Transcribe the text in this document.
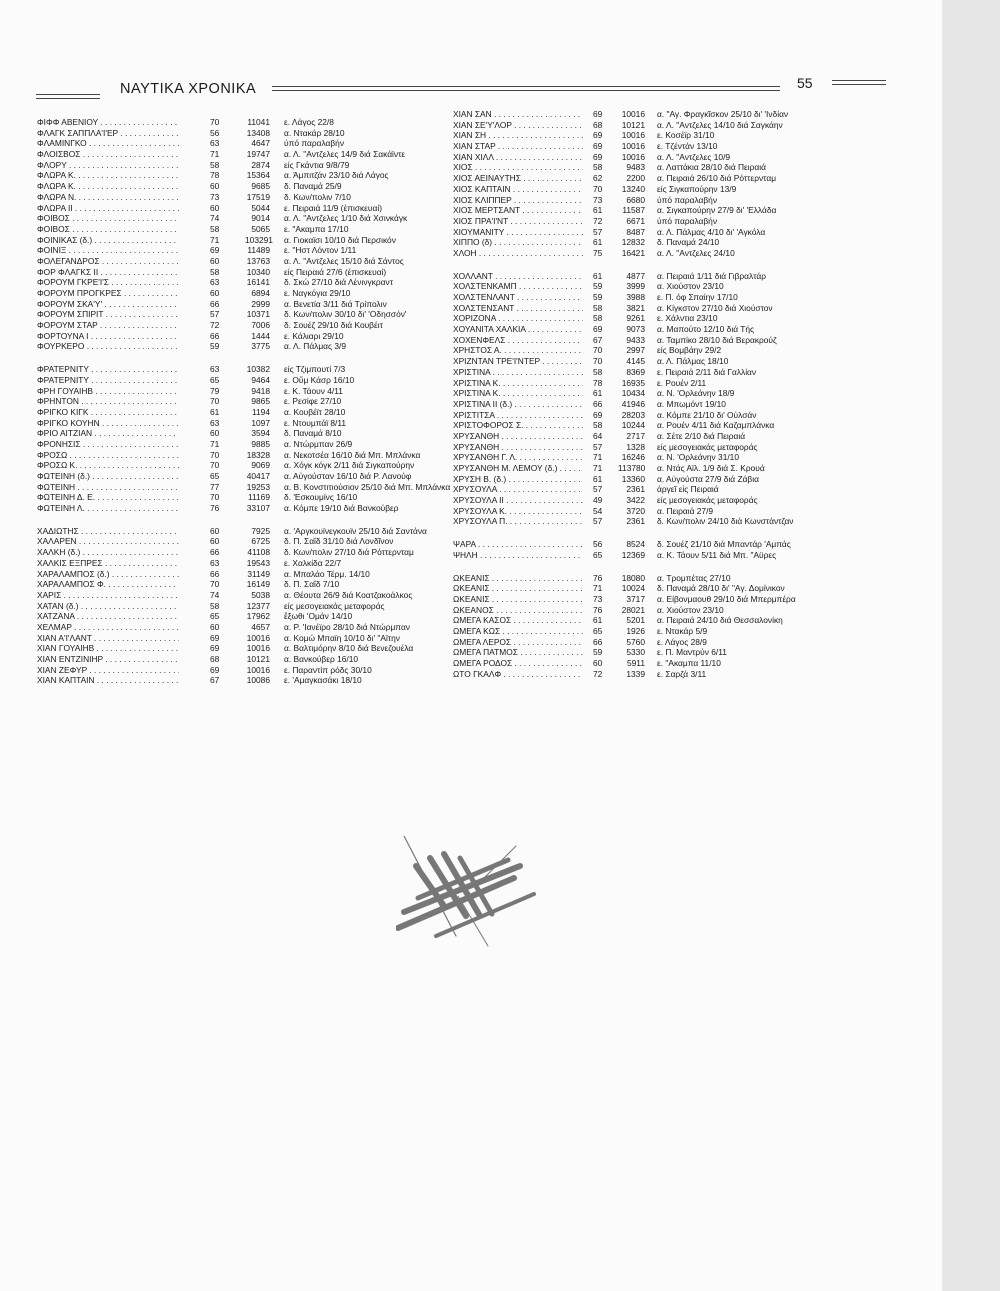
ΝΑΥΤΙΚΑ ΧΡΟΝΙΚΑ	55
ΦΙΦΦ ΑΒΕΝΙΟΥ . . .	70	11041 ε. Λάγος 22/8
ΦΛΑΓΚ ΣΑΠΠΛΑ'Ι'ΕΡ . . .	56	13408 α. Ντακάρ 28/10
ΦΛΑΜΙΝΓΚΟ . . .	63	4647 ύπό παραλαβήν
ΦΛΟΙΣΒΟΣ . . .	71	19747 α. Λ. "Αντζελες 14/9 διά Σακάϊντε
ΦΛΟΡΥ . . .	58	2874 είς Γκάντια 9/8/79
ΦΛΩΡΑ Κ. . . .	78	15364 α. Άμπιτζάν 23/10 διά Λάγος
ΦΛΩΡΑ Κ. . . .	60	9685 δ. Παναμά 25/9
ΦΛΩΡΑ Ν. . . .	73	17519 δ. Κων/πολιν 7/10
ΦΛΩΡΑ ΙΙ . . .	60	5044 ε. Πειραιά 11/9 (έπισκευαί)
ΦΟΙΒΟΣ . . .	74	9014 α. Λ. "Αντζελες 1/10 διά Χσινκάγκ
ΦΟΙΒΟΣ . . .	58	5065 ε. "Ακαμπα 17/10
ΦΟΙΝΙΚΑΣ (δ.) . . .	71	103291 α. Γιοκαϊσι 10/10 διά Περσικόν
ΦΟΙΝΙΞ . . .	69	11489 ε. "Ηστ Λόντον 1/11
ΦΟΛΕΓΑΝΔΡΟΣ . . .	60	13763 α. Λ. "Αντζελες 15/10 διά Σάντος
ΦΟΡ ΦΛΑΓΚΣ ΙΙ . . .	58	10340 είς Πειραιά 27/6 (έπισκευαί)
ΦΟΡΟΥΜ ΓΚΡΕ'Ι'Σ . . .	63	16141 δ. Σκώ 27/10 διά Λένινγκραντ
ΦΟΡΟΥΜ ΠΡΟΓΚΡΕΣ . . .	60	6894 ε. Ναγκόγια 29/10
ΦΟΡΟΥΜ ΣΚΑ'Υ' . . .	66	2999 α. Βενετία 3/11 διά Τρίπολιν
ΦΟΡΟΥΜ ΣΠΙΡΙΤ . . .	57	10371 δ. Κων/πολιν 30/10 δι' 'Οδησσόν'
ΦΟΡΟΥΜ ΣΤΑΡ . . .	72	7006 δ. Σουέζ 29/10 διά Κουβέιτ
ΦΟΡΤΟΥΝΑ Ι . . .	66	1444 ε. Κάλιαρι 29/10
ΦΟΥΡΚΕΡΟ . . .	59	3775 α. Λ. Πάλμας 3/9
ΦΡΑΤΕΡΝΙΤΥ . . .	63	10382 είς Τζιμπουτί 7/3
ΦΡΑΤΕΡΝΙΤΥ . . .	65	9464 ε. Οὔμ Κάσρ 16/10
ΦΡΗ ΓΟΥΑΙΗΒ . . .	79	9418 ε. Κ. Τάουν 4/11
ΦΡΗΝΤΟΝ . . .	70	9865 ε. Ρεσίφε 27/10
ΦΡΙΓΚΟ ΚΙΓΚ . . .	61	1194 α. Κουβέϊτ 28/10
ΦΡΙΓΚΟ ΚΟΥΗΝ . . .	63	1097 ε. Ντουμπάϊ 8/11
ΦΡΙΟ ΑΙΤΖΙΑΝ . . .	60	3594 δ. Παναμά 8/10
ΦΡΟΝΗΣΙΣ . . .	71	9885 α. Ντώρμπαν 26/9
ΦΡΟΣΩ . . .	70	18328 α. Νεκοτσέα 16/10 διά Μπ. Μπλάνκα
ΦΡΟΣΩ Κ. . . .	70	9069 α. Χόγκ κόγκ 2/11 διά Σιγκαπούρην
ΦΩΤΕΙΝΗ (δ.) . . .	65	40417 α. Αὐγούσταν 16/10 διά Ρ. Λανούφ
ΦΩΤΕΙΝΗ . . .	77	19253 α. Β. Κονστιτιούσιον 25/10 διά Μπ. Μπλάνκα
ΦΩΤΕΙΝΗ Δ. Ε. . . .	70	11169 δ. 'Εσκουμίνς 16/10
ΦΩΤΕΙΝΗ Λ. . . .	76	33107 α. Κόμπε 19/10 διά Βανκούβερ
ΧΑΔΙΩΤΗΣ . . .	60	7925 α. 'Αργκουϊνεγκουϊν 25/10 διά Σαντάνα
ΧΑΛΑΡΕΝ . . .	60	6725 δ. Π. Σαΐδ 31/10 διά Λονδῖνον
ΧΑΛΚΗ (δ.) . . .	66	41108 δ. Κων/πολιν 27/10 διά Ρόττερνταμ
ΧΑΛΚΙΣ ΕΞΠΡΕΣ . . .	63	19543 ε. Χαλκίδα 22/7
ΧΑΡΑΛΑΜΠΟΣ (δ.) . . .	66	31149 α. Μπαλάο Τέρμ. 14/10
ΧΑΡΑΛΑΜΠΟΣ Φ. . . .	70	16149 δ. Π. Σαΐδ 7/10
ΧΑΡΙΣ . . .	74	5038 α. Θέουτα 26/9 διά Κοατζακοάλκος
ΧΑΤΑΝ (δ.) . . .	58	12377 είς μεσογειακάς μεταφοράς
ΧΑΤΖΑΝΑ . . .	65	17962 ἔξωθι 'Ομάν 14/10
ΧΕΛΜΑΡ . . .	60	4657 α. Ρ. 'Ιανέϊρο 28/10 διά Ντώρμπαν
ΧΙΑΝ Α'Ι'ΛΑΝΤ . . .	69	10016 α. Κομώ Μπαϊη 10/10 δι' "Αϊτην
ΧΙΑΝ ΓΟΥΑΙΗΒ . . .	69	10016 α. Βαλτιμόρην 8/10 διά Βενεζουέλα
ΧΙΑΝ ΕΝΤΖΙΝΙΗΡ . . .	68	10121 α. Βανκούβερ 16/10
ΧΙΑΝ ΖΕΦΥΡ . . .	69	10016 ε. Παραντίπ ρόδς 30/10
ΧΙΑΝ ΚΑΠΤΑΙΝ . . .	67	10086 ε. 'Αμαγκασάκι 18/10
ΧΙΑΝ ΣΑΝ . . .	69	10016 α. "Αγ. Φραγκῖσκον 25/10 δι' 'Ινδίαν
ΧΙΑΝ ΣΕ'Υ'ΛΟΡ . . .	68	10121 α. Λ. "Αντζελες 14/10 διά Σαγκάην
ΧΙΑΝ ΣΗ . . .	69	10016 ε. Κοσέϊρ 31/10
ΧΙΑΝ ΣΤΑΡ . . .	69	10016 ε. Τζέντάν 13/10
ΧΙΑΝ ΧΙΛΛ . . .	69	10016 α. Λ. "Αντζελες 10/9
ΧΙΟΣ . . .	58	9483 α. Λαττάκια 28/10 διά Πειραιά
ΧΙΟΣ ΑΕΙΝΑΥΤΗΣ . . .	62	2200 α. Πειραιά 26/10 διά Ρόττερνταμ
ΧΙΟΣ ΚΑΠΤΑΙΝ . . .	70	13240 είς Σιγκαπούρην 13/9
ΧΙΟΣ ΚΛΙΠΠΕΡ . . .	73	6680 ύπό παραλαβήν
ΧΙΟΣ ΜΕΡΤΣΑΝΤ . . .	61	11587 α. Σιγκαπούρην 27/9 δι' 'Ελλάδα
ΧΙΟΣ ΠΡΑ'Ι'ΝΤ . . .	72	6671 ύπό παραλαβήν
ΧΙΟΥΜΑΝΙΤΥ . . .	57	8487 α. Λ. Πάλμας 4/10 δι' 'Αγκόλα
ΧΙΠΠΟ (δ) . . .	61	12832 δ. Παναμά 24/10
ΧΛΟΗ . . .	75	16421 α. Λ. "Αντζελες 24/10
ΧΟΛΛΑΝΤ . . .	61	4877 α. Πειραιά 1/11 διά Γιβραλτάρ
ΧΟΛΣΤΕΝΚΑΜΠ . . .	59	3999 α. Χιούστον 23/10
ΧΟΛΣΤΕΝΛΑΝΤ . . .	59	3988 ε. Π. όφ Σπαίην 17/10
ΧΟΛΣΤΕΝΣΑΝΤ . . .	58	3821 α. Κίγκστον 27/10 διά Χιούστον
ΧΟΡΙΖΟΝΑ . . .	58	9261 ε. Χάλντια 23/10
ΧΟΥΑΝΙΤΑ ΧΑΛΚΙΑ . . .	69	9073 α. Μαπούτο 12/10 διά Τής
ΧΟΧΕΝΦΕΛΣ . . .	67	9433 α. Ταμπίκο 28/10 διά Βερακρούζ
ΧΡΗΣΤΟΣ Α. . . .	70	2997 είς Βομβάην 29/2
ΧΡΙΖΝΤΑΝ ΤΡΕ'Ι'ΝΤΕΡ . . .	70	4145 α. Λ. Πάλμας 18/10
ΧΡΙΣΤΙΝΑ . . .	58	8369 ε. Πειραιά 2/11 διά Γαλλίαν
ΧΡΙΣΤΙΝΑ Κ. . . .	78	16935 ε. Ρουέν 2/11
ΧΡΙΣΤΙΝΑ Κ. . . .	61	10434 α. Ν. 'Ορλεάνην 18/9
ΧΡΙΣΤΙΝΑ ΙΙ (δ.) . . .	66	41946 α. Μπωμόντ 19/10
ΧΡΙΣΤΙΤΣΑ . . .	69	28203 α. Κόμπε 21/10 δι' Οὐλσάν
ΧΡΙΣΤΟΦΟΡΟΣ Σ. . . .	58	10244 α. Ρουέν 4/11 διά Καζαμπλάνκα
ΧΡΥΣΑΝΘΗ . . .	64	2717 α. Σέτε 2/10 διά Πειραιά
ΧΡΥΣΑΝΘΗ . . .	57	1328 είς μεσογειακάς μεταφοράς
ΧΡΥΣΑΝΘΗ Γ. Λ. . . .	71	16246 α. Ν. 'Ορλεάνην 31/10
ΧΡΥΣΑΝΘΗ Μ. ΛΕΜΟΥ (δ.) . . .	71 113780 α. Ντάς Αϊλ. 1/9 διά Σ. Κρουά
ΧΡΥΣΗ Β. (δ.) . . .	61	13360 α. Αὐγούστα 27/9 διά Ζάβια
ΧΡΥΣΟΥΛΑ . . .	57	2361 ἀργεῖ εἰς Πειραιά
ΧΡΥΣΟΥΛΑ ΙΙ . . .	49	3422 είς μεσογειακάς μεταφοράς
ΧΡΥΣΟΥΛΑ Κ. . . .	54	3720 α. Πειραιά 27/9
ΧΡΥΣΟΥΛΑ Π. . . .	57	2361 δ. Κων/πολιν 24/10 διά Κωνστάντζαν
ΨΑΡΑ . . .	56	8524 δ. Σουέζ 21/10 διά Μπαντάρ 'Αμπάς
ΨΗΛΗ . . .	65	12369 α. Κ. Τάουν 5/11 διά Μπ. "Αϋρες
ΩΚΕΑΝΙΣ . . .	76	18080 α. Τρομπέτας 27/10
ΩΚΕΑΝΙΣ . . .	71	10024 δ. Παναμά 28/10 δι' "Αγ. Δομίνικον
ΩΚΕΑΝΙΣ . . .	73	3717 α. Είβονμαουθ 29/10 διά Μπερμπέρα
ΩΚΕΑΝΟΣ . . .	76	28021 α. Χιούστον 23/10
ΩΜΕΓΑ ΚΑΣΟΣ . . .	61	5201 α. Πειραιά 24/10 διά Θεσσαλονίκη
ΩΜΕΓΑ ΚΩΣ . . .	65	1926 ε. Ντακάρ 5/9
ΩΜΕΓΑ ΛΕΡΟΣ . . .	66	5760 ε. Λάγος 28/9
ΩΜΕΓΑ ΠΑΤΜΟΣ . . .	59	5330 ε. Π. Μαντρύν 6/11
ΩΜΕΓΑ ΡΟΔΟΣ . . .	60	5911 ε. "Ακαμπα 11/10
ΩΤΟ ΓΚΑΛΦ . . .	72	1339 ε. Σαρζά 3/11
